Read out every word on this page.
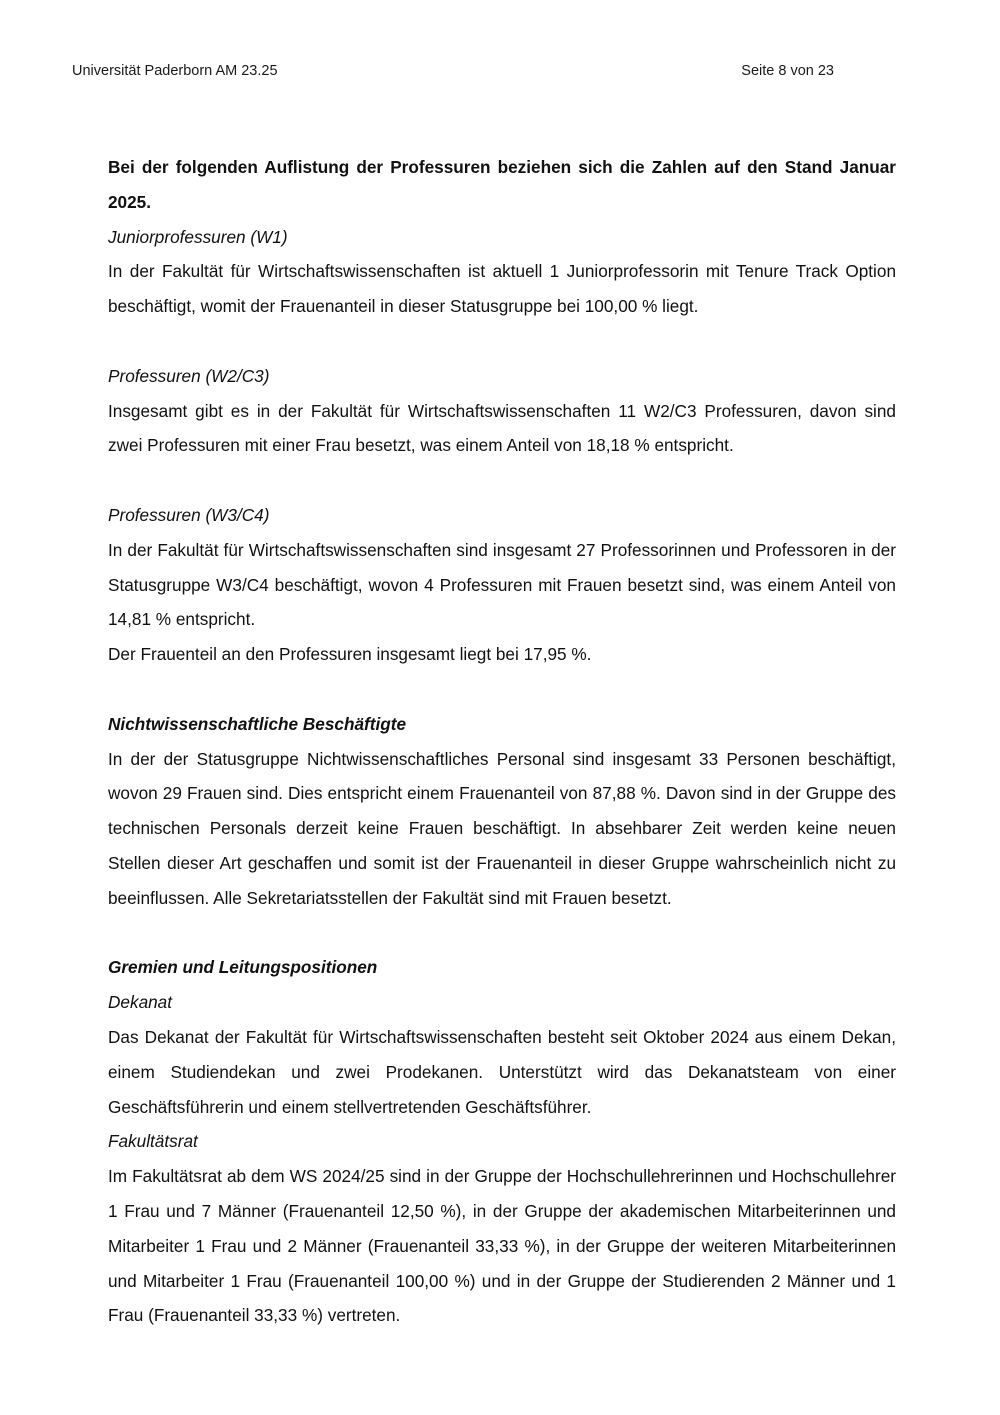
Universität Paderborn AM 23.25	Seite 8 von 23

Bei der folgenden Auflistung der Professuren beziehen sich die Zahlen auf den Stand Januar 2025.

Juniorprofessuren (W1)

In der Fakultät für Wirtschaftswissenschaften ist aktuell 1 Juniorprofessorin mit Tenure Track Option beschäftigt, womit der Frauenanteil in dieser Statusgruppe bei 100,00 % liegt.

Professuren (W2/C3)

Insgesamt gibt es in der Fakultät für Wirtschaftswissenschaften 11 W2/C3 Professuren, davon sind zwei Professuren mit einer Frau besetzt, was einem Anteil von 18,18 % entspricht.

Professuren (W3/C4)

In der Fakultät für Wirtschaftswissenschaften sind insgesamt 27 Professorinnen und Professoren in der Statusgruppe W3/C4 beschäftigt, wovon 4 Professuren mit Frauen besetzt sind, was einem Anteil von 14,81 % entspricht.

Der Frauenteil an den Professuren insgesamt liegt bei 17,95 %.

Nichtwissenschaftliche Beschäftigte

In der der Statusgruppe Nichtwissenschaftliches Personal sind insgesamt 33 Personen beschäftigt, wovon 29 Frauen sind. Dies entspricht einem Frauenanteil von 87,88 %. Davon sind in der Gruppe des technischen Personals derzeit keine Frauen beschäftigt. In absehbarer Zeit werden keine neuen Stellen dieser Art geschaffen und somit ist der Frauenanteil in dieser Gruppe wahrscheinlich nicht zu beeinflussen. Alle Sekretariatsstellen der Fakultät sind mit Frauen besetzt.

Gremien und Leitungspositionen

Dekanat

Das Dekanat der Fakultät für Wirtschaftswissenschaften besteht seit Oktober 2024 aus einem Dekan, einem Studiendekan und zwei Prodekanen. Unterstützt wird das Dekanatsteam von einer Geschäftsführerin und einem stellvertretenden Geschäftsführer.

Fakultätsrat

Im Fakultätsrat ab dem WS 2024/25 sind in der Gruppe der Hochschullehrerinnen und Hochschullehrer 1 Frau und 7 Männer (Frauenanteil 12,50 %), in der Gruppe der akademischen Mitarbeiterinnen und Mitarbeiter 1 Frau und 2 Männer (Frauenanteil 33,33 %), in der Gruppe der weiteren Mitarbeiterinnen und Mitarbeiter 1 Frau (Frauenanteil 100,00 %) und in der Gruppe der Studierenden 2 Männer und 1 Frau (Frauenanteil 33,33 %) vertreten.
